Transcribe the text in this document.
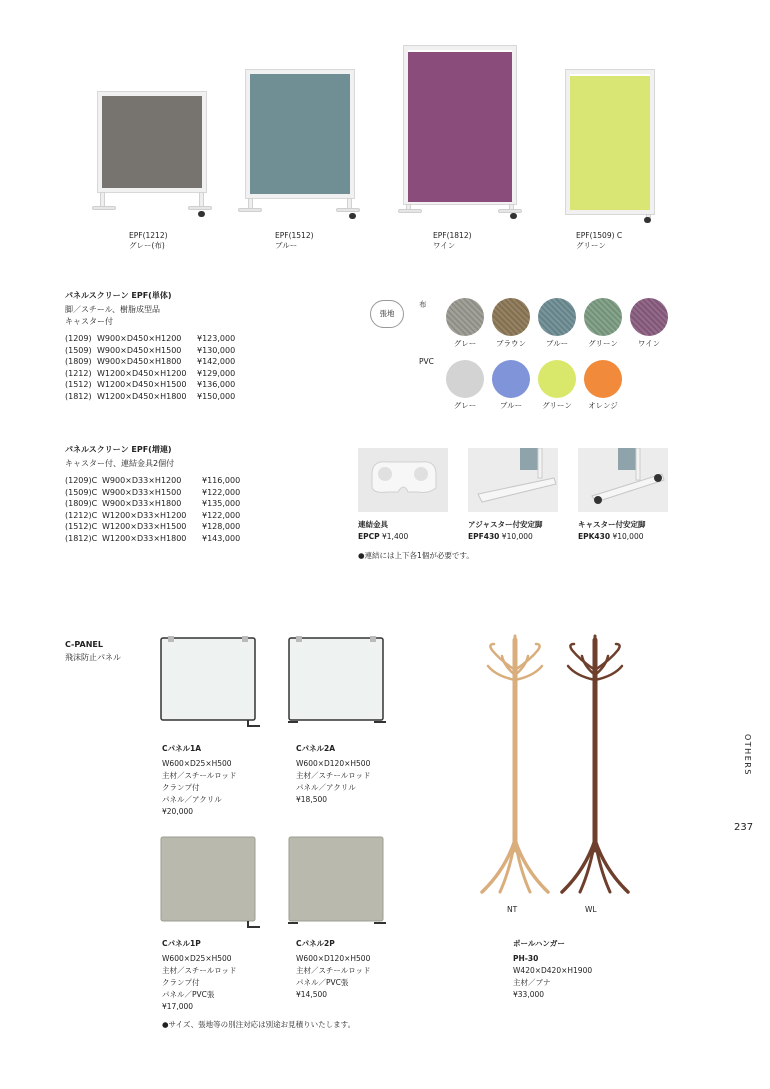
EPF(1212)
グレー(布)
EPF(1512)
ブルー
EPF(1812)
ワイン
EPF(1509) C
グリーン
パネルスクリーン EPF(単体)
脚／スチール、樹脂成型品
キャスター付
(1209) W900×D450×H1200 ¥123,000
(1509) W900×D450×H1500 ¥130,000
(1809) W900×D450×H1800 ¥142,000
(1212) W1200×D450×H1200 ¥129,000
(1512) W1200×D450×H1500 ¥136,000
(1812) W1200×D450×H1800 ¥150,000
張地
布
PVC
グレー	ブラウン	ブルー	グリーン	ワイン
グレー	ブルー	グリーン	オレンジ
パネルスクリーン EPF(増連)
キャスター付、連結金具2個付
(1209)C W900×D33×H1200	¥116,000
(1509)C W900×D33×H1500	¥122,000
(1809)C W900×D33×H1800	¥135,000
(1212)C W1200×D33×H1200 ¥122,000
(1512)C W1200×D33×H1500 ¥128,000
(1812)C W1200×D33×H1800 ¥143,000
連結金具
EPCP ¥1,400
アジャスター付安定脚
EPF430 ¥10,000
キャスター付安定脚
EPK430 ¥10,000
●連結には上下各1個が必要です。
C-PANEL
飛沫防止パネル
Cパネル1A
W600×D25×H500
主材／スチールロッド
クランプ付
パネル／アクリル
¥20,000
Cパネル2A
W600×D120×H500
主材／スチールロッド
パネル／アクリル
¥18,500
Cパネル1P
W600×D25×H500
主材／スチールロッド
クランプ付
パネル／PVC張
¥17,000
Cパネル2P
W600×D120×H500
主材／スチールロッド
パネル／PVC張
¥14,500
●サイズ、張地等の別注対応は別途お見積りいたします。
NT	WL
ポールハンガー
PH-30
W420×D420×H1900
主材／ブナ
¥33,000
OTHERS
237
